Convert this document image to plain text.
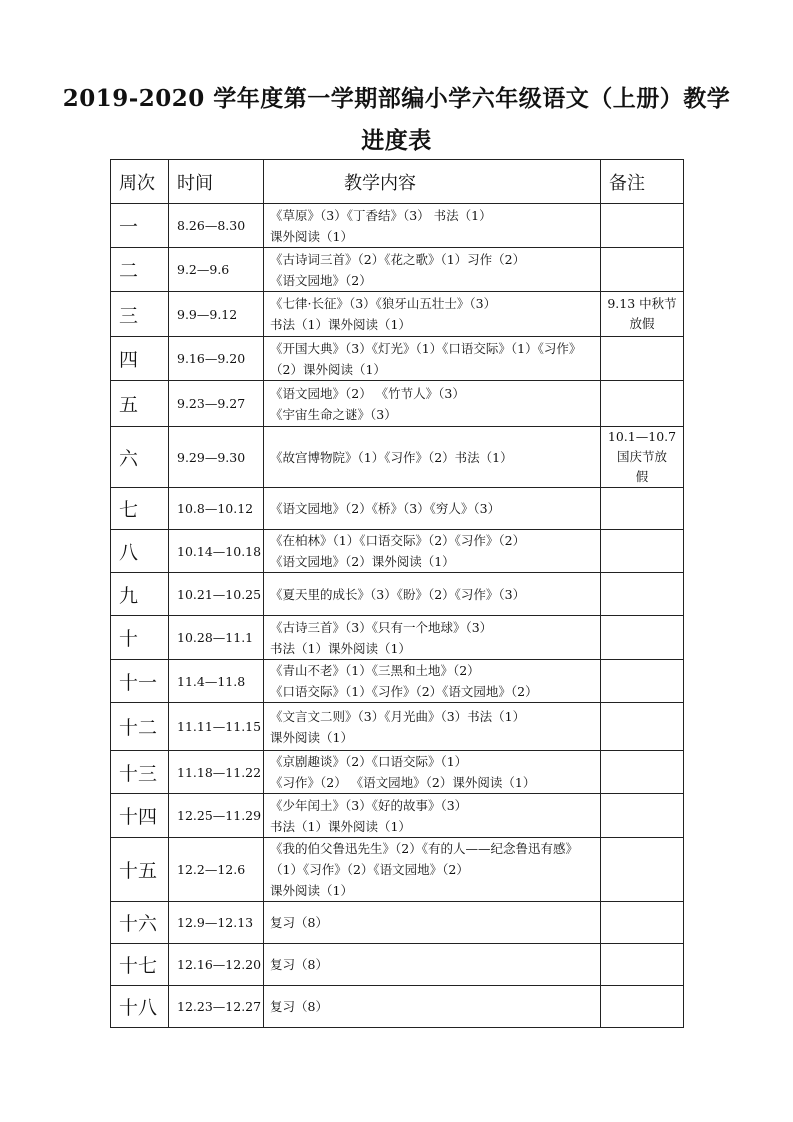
2019-2020 学年度第一学期部编小学六年级语文（上册）教学
进度表
周次	时间	教学内容	备注
一	8.26—8.30	《草原》（3）《丁香结》（3） 书法（1）
课外阅读（1）	

二	9.2—9.6	《古诗词三首》（2）《花之歌》（1）习作（2）
《语文园地》（2）	

三	9.9—9.12	《七律·长征》（3）《狼牙山五壮士》（3）
书法（1）课外阅读（1）	9.13 中秋节
放假

四	9.16—9.20	《开国大典》（3）《灯光》（1）《口语交际》（1）《习作》
（2）课外阅读（1）	

五	9.23—9.27	《语文园地》（2） 《竹节人》（3）
《宇宙生命之谜》（3）	

六	9.29—9.30	《故宫博物院》（1）《习作》（2）书法（1）	10.1—10.7
国庆节放
假

七	10.8—10.12	《语文园地》（2）《桥》（3）《穷人》（3）	

八	10.14—10.18	《在柏林》（1）《口语交际》（2）《习作》（2）
《语文园地》（2）课外阅读（1）	

九	10.21—10.25	《夏天里的成长》（3）《盼》（2）《习作》（3）	

十	10.28—11.1	《古诗三首》（3）《只有一个地球》（3）
书法（1）课外阅读（1）	

十一	11.4—11.8	《青山不老》（1）《三黑和土地》（2）
《口语交际》（1）《习作》（2）《语文园地》（2）	

十二	11.11—11.15	《文言文二则》（3）《月光曲》（3）书法（1）
课外阅读（1）	

十三	11.18—11.22	《京剧趣谈》（2）《口语交际》（1）
《习作》（2） 《语文园地》（2）课外阅读（1）	

十四	12.25—11.29	《少年闰土》（3）《好的故事》（3）
书法（1）课外阅读（1）	

十五	12.2—12.6	《我的伯父鲁迅先生》（2）《有的人——纪念鲁迅有感》
（1）《习作》（2）《语文园地》（2）
课外阅读（1）	

十六	12.9—12.13	复习（8）	

十七	12.16—12.20	复习（8）	

十八	12.23—12.27	复习（8）	
